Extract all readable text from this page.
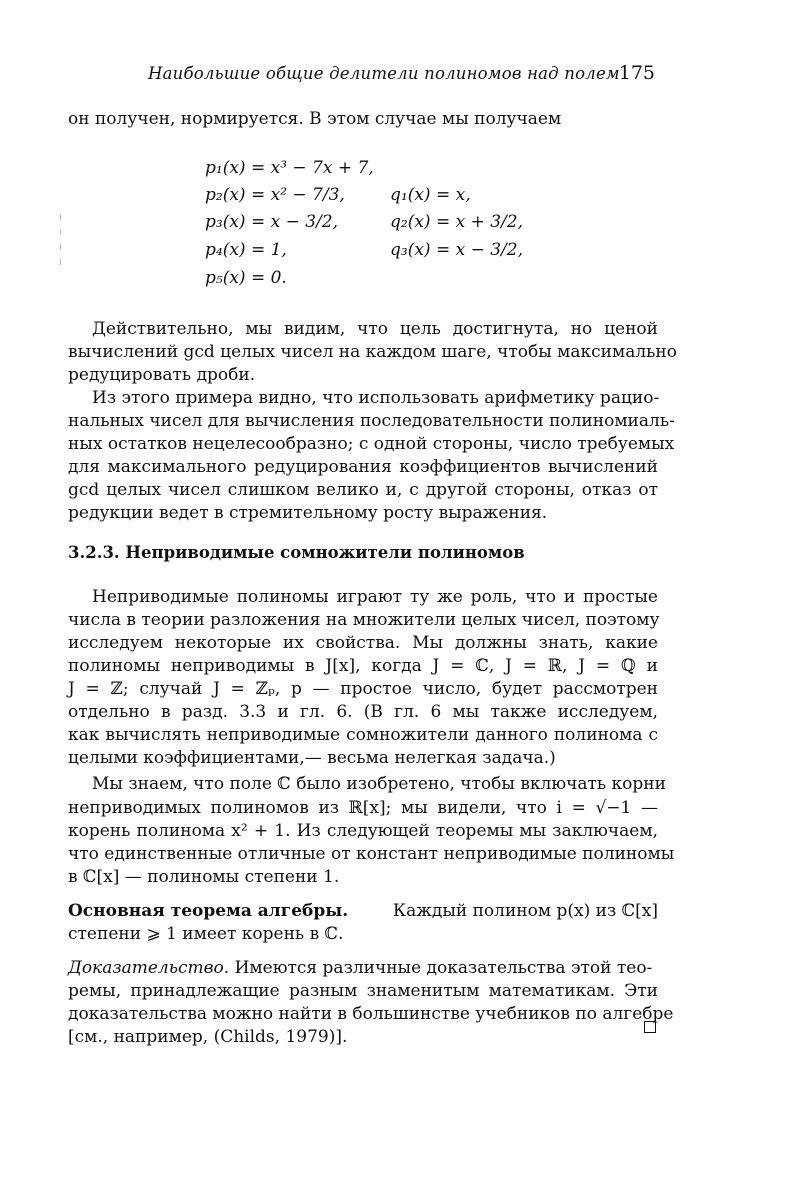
Наибольшие общие делители полиномов над полем
175
он получен, нормируется. В этом случае мы получаем
p₁(x) = x³ − 7x + 7,
p₂(x) = x² − 7/3,
p₃(x) = x − 3/2,
p₄(x) = 1,
p₅(x) = 0.
q₁(x) = x,
q₂(x) = x + 3/2,
q₃(x) = x − 3/2,
Действительно, мы видим, что цель достигнута, но ценой
вычислений gcd целых чисел на каждом шаге, чтобы максимально
редуцировать дроби.
Из этого примера видно, что использовать арифметику рацио-
нальных чисел для вычисления последовательности полиномиаль-
ных остатков нецелесообразно; с одной стороны, число требуемых
для максимального редуцирования коэффициентов вычислений
gcd целых чисел слишком велико и, с другой стороны, отказ от
редукции ведет в стремительному росту выражения.
3.2.3. Неприводимые сомножители полиномов
Неприводимые полиномы играют ту же роль, что и простые
числа в теории разложения на множители целых чисел, поэтому
исследуем некоторые их свойства. Мы должны знать, какие
полиномы неприводимы в J[x], когда J = ℂ, J = ℝ, J = ℚ и
J = ℤ; случай J = ℤₚ, p — простое число, будет рассмотрен
отдельно в разд. 3.3 и гл. 6. (В гл. 6 мы также исследуем,
как вычислять неприводимые сомножители данного полинома с
целыми коэффициентами,— весьма нелегкая задача.)
Мы знаем, что поле ℂ было изобретено, чтобы включать корни
неприводимых полиномов из ℝ[x]; мы видели, что i = √−1 —
корень полинома x² + 1. Из следующей теоремы мы заключаем,
что единственные отличные от констант неприводимые полиномы
в ℂ[x] — полиномы степени 1.
Основная теорема алгебры.	Каждый полином p(x) из ℂ[x]
степени ⩾ 1 имеет корень в ℂ.
Доказательство. Имеются различные доказательства этой тео-
ремы, принадлежащие разным знаменитым математикам. Эти
доказательства можно найти в большинстве учебников по алгебре
[см., например, (Childs, 1979)].
